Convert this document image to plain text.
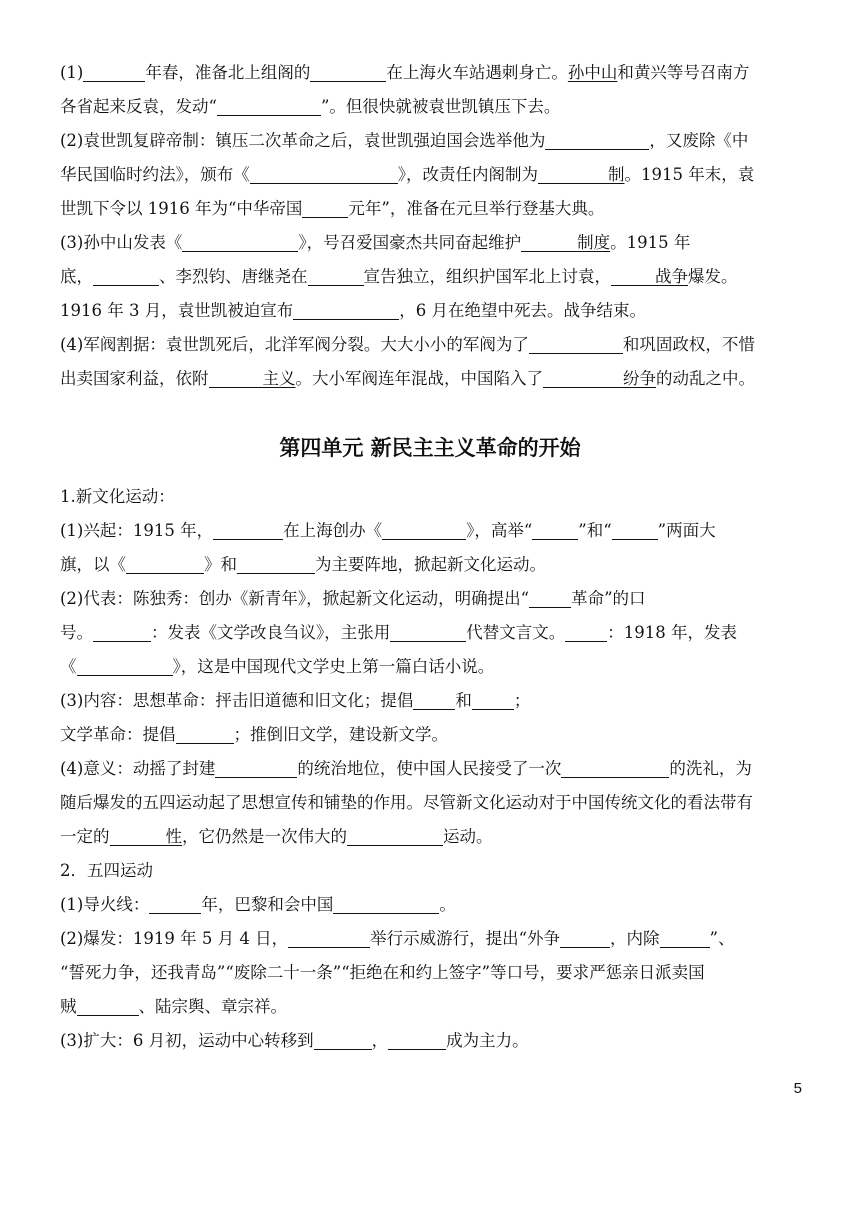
(1)	年春，准备北上组阁的	在上海火车站遇刺身亡。孙中山和黄兴等号召南方
各省起来反袁，发动“	”。但很快就被袁世凯镇压下去。
(2)袁世凯复辟帝制：镇压二次革命之后，袁世凯强迫国会选举他为	，又废除《中
华民国临时约法》，颁布《	》，改责任内阁制为	制。1915 年末，袁
世凯下令以 1916 年为“中华帝国	元年”，准备在元旦举行登基大典。
(3)孙中山发表《	》，号召爱国豪杰共同奋起维护	制度。1915 年
底，	、李烈钧、唐继尧在	宣告独立，组织护国军北上讨袁，	战争爆发。
1916 年 3 月，袁世凯被迫宣布	，6 月在绝望中死去。战争结束。
(4)军阀割据：袁世凯死后，北洋军阀分裂。大大小小的军阀为了	和巩固政权，不惜
出卖国家利益，依附	主义。大小军阀连年混战，中国陷入了	纷争的动乱之中。
第四单元 新民主主义革命的开始
1.新文化运动：
(1)兴起：1915 年，	在上海创办《	》，高举“	”和“	”两面大
旗，以《	》和	为主要阵地，掀起新文化运动。
(2)代表：陈独秀：创办《新青年》，掀起新文化运动，明确提出“	革命”的口
号。	：发表《文学改良刍议》，主张用	代替文言文。	：1918 年，发表
《	》，这是中国现代文学史上第一篇白话小说。
(3)内容：思想革命：抨击旧道德和旧文化；提倡	和	；
文学革命：提倡	；推倒旧文学，建设新文学。
(4)意义：动摇了封建	的统治地位，使中国人民接受了一次	的洗礼，为
随后爆发的五四运动起了思想宣传和铺垫的作用。尽管新文化运动对于中国传统文化的看法带有
一定的	性，它仍然是一次伟大的	运动。
2．五四运动
(1)导火线：	年，巴黎和会中国	。
(2)爆发：1919 年 5 月 4 日，	举行示威游行，提出“外争	，内除	”、
“誓死力争，还我青岛”“废除二十一条”“拒绝在和约上签字”等口号，要求严惩亲日派卖国
贼	、陆宗舆、章宗祥。
(3)扩大：6 月初，运动中心转移到	，	成为主力。
5
